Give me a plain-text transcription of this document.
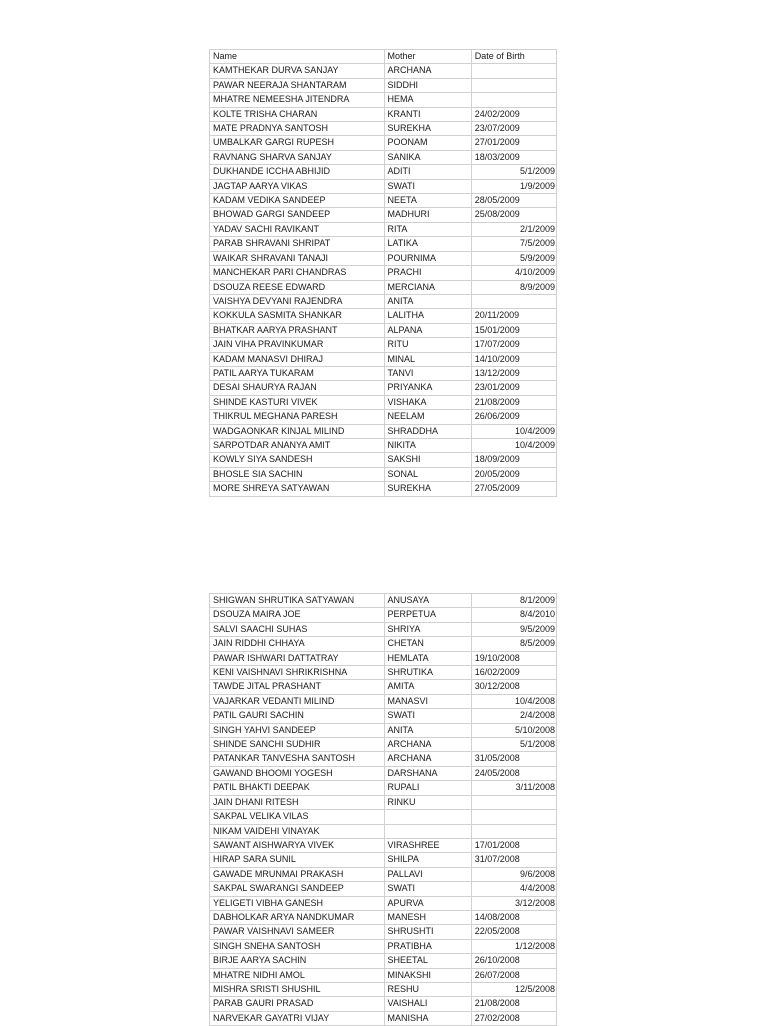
Name	Mother	Date of Birth
KAMTHEKAR DURVA SANJAY	ARCHANA	
PAWAR NEERAJA SHANTARAM	SIDDHI	
MHATRE NEMEESHA JITENDRA	HEMA	
KOLTE TRISHA CHARAN	KRANTI	24/02/2009
MATE PRADNYA SANTOSH	SUREKHA	23/07/2009
UMBALKAR GARGI RUPESH	POONAM	27/01/2009
RAVNANG SHARVA SANJAY	SANIKA	18/03/2009
DUKHANDE ICCHA ABHIJID	ADITI	5/1/2009
JAGTAP AARYA VIKAS	SWATI	1/9/2009
KADAM VEDIKA SANDEEP	NEETA	28/05/2009
BHOWAD GARGI SANDEEP	MADHURI	25/08/2009
YADAV SACHI RAVIKANT	RITA	2/1/2009
PARAB SHRAVANI SHRIPAT	LATIKA	7/5/2009
WAIKAR SHRAVANI TANAJI	POURNIMA	5/9/2009
MANCHEKAR PARI CHANDRAS	PRACHI	4/10/2009
DSOUZA REESE EDWARD	MERCIANA	8/9/2009
VAISHYA DEVYANI RAJENDRA	ANITA	
KOKKULA SASMITA SHANKAR	LALITHA	20/11/2009
BHATKAR AARYA PRASHANT	ALPANA	15/01/2009
JAIN VIHA PRAVINKUMAR	RITU	17/07/2009
KADAM MANASVI DHIRAJ	MINAL	14/10/2009
PATIL AARYA TUKARAM	TANVI	13/12/2009
DESAI SHAURYA RAJAN	PRIYANKA	23/01/2009
SHINDE KASTURI VIVEK	VISHAKA	21/08/2009
THIKRUL MEGHANA PARESH	NEELAM	26/06/2009
WADGAONKAR KINJAL MILIND	SHRADDHA	10/4/2009
SARPOTDAR ANANYA AMIT	NIKITA	10/4/2009
KOWLY SIYA SANDESH	SAKSHI	18/09/2009
BHOSLE SIA SACHIN	SONAL	20/05/2009
MORE SHREYA SATYAWAN	SUREKHA	27/05/2009
SHIGWAN SHRUTIKA SATYAWAN	ANUSAYA	8/1/2009
DSOUZA MAIRA JOE	PERPETUA	8/4/2010
SALVI SAACHI SUHAS	SHRIYA	9/5/2009
JAIN RIDDHI CHHAYA	CHETAN	8/5/2009
PAWAR ISHWARI DATTATRAY	HEMLATA	19/10/2008
KENI VAISHNAVI SHRIKRISHNA	SHRUTIKA	16/02/2009
TAWDE JITAL PRASHANT	AMITA	30/12/2008
VAJARKAR VEDANTI MILIND	MANASVI	10/4/2008
PATIL GAURI SACHIN	SWATI	2/4/2008
SINGH YAHVI SANDEEP	ANITA	5/10/2008
SHINDE SANCHI SUDHIR	ARCHANA	5/1/2008
PATANKAR TANVESHA SANTOSH	ARCHANA	31/05/2008
GAWAND BHOOMI YOGESH	DARSHANA	24/05/2008
PATIL BHAKTI DEEPAK	RUPALI	3/11/2008
JAIN DHANI RITESH	RINKU	
SAKPAL VELIKA VILAS		
NIKAM VAIDEHI VINAYAK		
SAWANT AISHWARYA VIVEK	VIRASHREE	17/01/2008
HIRAP SARA SUNIL	SHILPA	31/07/2008
GAWADE MRUNMAI PRAKASH	PALLAVI	9/6/2008
SAKPAL SWARANGI SANDEEP	SWATI	4/4/2008
YELIGETI VIBHA GANESH	APURVA	3/12/2008
DABHOLKAR ARYA NANDKUMAR	MANESH	14/08/2008
PAWAR VAISHNAVI SAMEER	SHRUSHTI	22/05/2008
SINGH SNEHA SANTOSH	PRATIBHA	1/12/2008
BIRJE AARYA SACHIN	SHEETAL	26/10/2008
MHATRE NIDHI AMOL	MINAKSHI	26/07/2008
MISHRA SRISTI SHUSHIL	RESHU	12/5/2008
PARAB GAURI PRASAD	VAISHALI	21/08/2008
NARVEKAR GAYATRI VIJAY	MANISHA	27/02/2008
